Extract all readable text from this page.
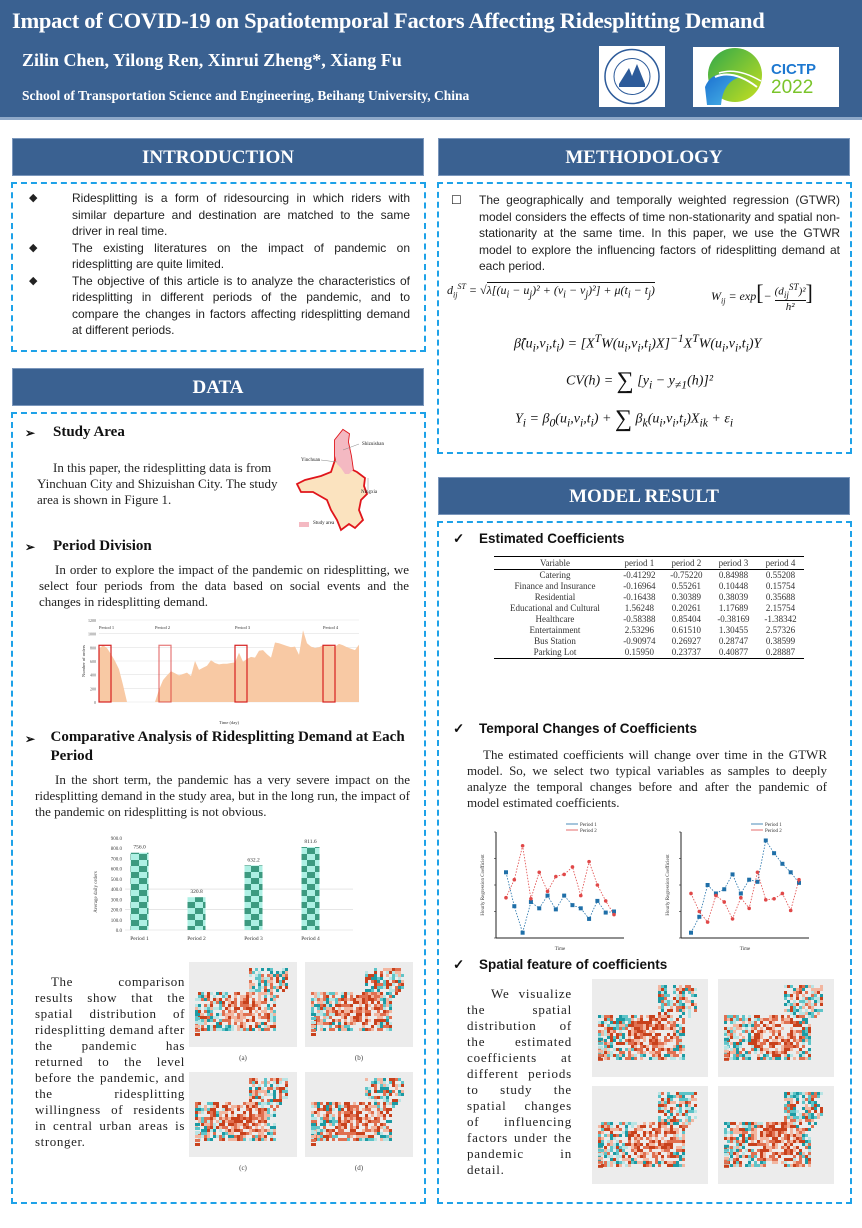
Impact of COVID-19 on Spatiotemporal Factors Affecting Ridesplitting Demand
Zilin Chen, Yilong Ren, Xinrui Zheng*, Xiang Fu
School of Transportation Science and Engineering, Beihang University, China
CICTP
2022
INTRODUCTION
◆	Ridesplitting is a form of ridesourcing in which riders with similar departure and destination are matched to the same driver in real time.
◆	The existing literatures on the impact of pandemic on ridesplitting are quite limited.
◆	The objective of this article is to analyze the characteristics of ridesplitting in different periods of the pandemic, and to compare the changes in factors affecting ridesplitting demand at different periods.
METHODOLOGY
☐	The geographically and temporally weighted regression (GTWR) model considers the effects of time non-stationarity and spatial non-stationarity at the same time. In this paper, we use the GTWR model to explore the influencing factors of ridesplitting demand at each period.
$d_{ij}^{ST} = √\lambda[(u_i - u_j)^2 + (v_i - v_j)^2] + \mu(t_i - t_j)$	$W_{ij} = \exp[- (d_{ij}^{ST})^2$
h²
]
$\betâ(u_i,v_i,t_i) = [X^TW(u_i,v_i,t_i)X]^{-1}X^TW(u_i,v_i,t_i)Y$
CV(h) = ∑ $[y_i - y_{\ne 1}(h)]^2$
$Y_i = \beta_0(u_i,v_i,t_i)$ + ∑ $\beta_k(u_i,v_i,t_i)X_{ik} + \varepsilon_i$
DATA
➢	Study Area
In this paper, the ridesplitting data is from Yinchuan City and Shizuishan City. The study area is shown in Figure 1.
Shizuishan
Yinchuan
Ningxia
Study area
➢	Period Division
In order to explore the impact of the pandemic on ridesplitting, we select four periods from the data based on social events and the changes in ridesplitting demand.
0
200
400
600
800
1000
1200
Period 1	Period 2	Period 3	Period 4
Time (day)
Number of orders
➢	Comparative Analysis of Ridesplitting Demand at Each Period
In the short term, the pandemic has a very severe impact on the ridesplitting demand in the study area, but in the long run, the impact of the pandemic on ridesplitting is not obvious.
0.0
100.0
200.0
300.0
400.0
500.0
600.0
700.0
800.0
900.0
756.0
Period 1
320.8
Period 2
632.2
Period 3
811.6
Period 4
Average daily orders
The comparison results show that the spatial distribution of ridesplitting demand after the pandemic has returned to the level before the pandemic, and the ridesplitting willingness of residents in central urban areas is stronger.
(a)	(b)
(c)	(d)
MODEL RESULT
✓	Estimated Coefficients
Variable	period 1	period 2	period 3	period 4
Catering	-0.41292	-0.75220	0.84988	0.55208
Finance and Insurance	-0.16964	0.55261	0.10448	0.15754
Residential	-0.16438	0.30389	0.38039	0.35688
Educational and Cultural	1.56248	0.20261	1.17689	2.15754
Healthcare	-0.58388	0.85404	-0.38169	-1.38342
Entertainment	2.53296	0.61510	1.30455	2.57326
Bus Station	-0.90974	0.26927	0.28747	0.38599
Parking Lot	0.15950	0.23737	0.40877	0.28887
✓	Temporal Changes of Coefficients
The estimated coefficients will change over time in the GTWR model. So, we select two typical variables as samples to deeply analyze the temporal changes before and after the pandemic of model estimated coefficients.
Period 1
Period 2
Time
Hourly Regression Coefficient
Period 1
Period 2
Time
Hourly Regression Coefficient
✓	Spatial feature of coefficients
We visualize the spatial distribution of the estimated coefficients at different periods to study the spatial changes of influencing factors under the pandemic in detail.
